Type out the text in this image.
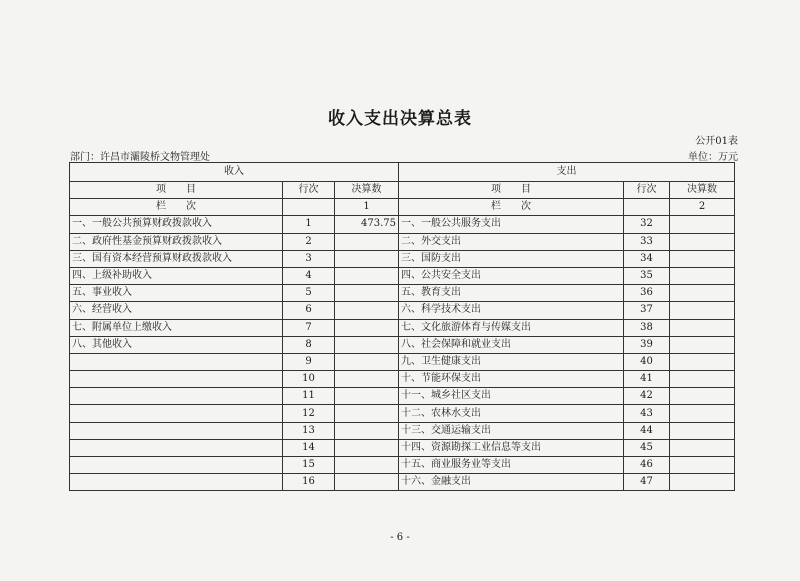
收入支出决算总表
公开01表
部门：许昌市灞陵桥文物管理处	单位：万元
收入			支出		
项　　目	行次	决算数	项　　目	行次	决算数
栏　　次		1	栏　　次		2
一、一般公共预算财政拨款收入	1	473.75	一、一般公共服务支出	32	
二、政府性基金预算财政拨款收入	2		二、外交支出	33	
三、国有资本经营预算财政拨款收入	3		三、国防支出	34	
四、上级补助收入	4		四、公共安全支出	35	
五、事业收入	5		五、教育支出	36	
六、经营收入	6		六、科学技术支出	37	
七、附属单位上缴收入	7		七、文化旅游体育与传媒支出	38	
八、其他收入	8		八、社会保障和就业支出	39	
	9		九、卫生健康支出	40	
	10		十、节能环保支出	41	
	11		十一、城乡社区支出	42	
	12		十二、农林水支出	43	
	13		十三、交通运输支出	44	
	14		十四、资源勘探工业信息等支出	45	
	15		十五、商业服务业等支出	46	
	16		十六、金融支出	47	
- 6 -
